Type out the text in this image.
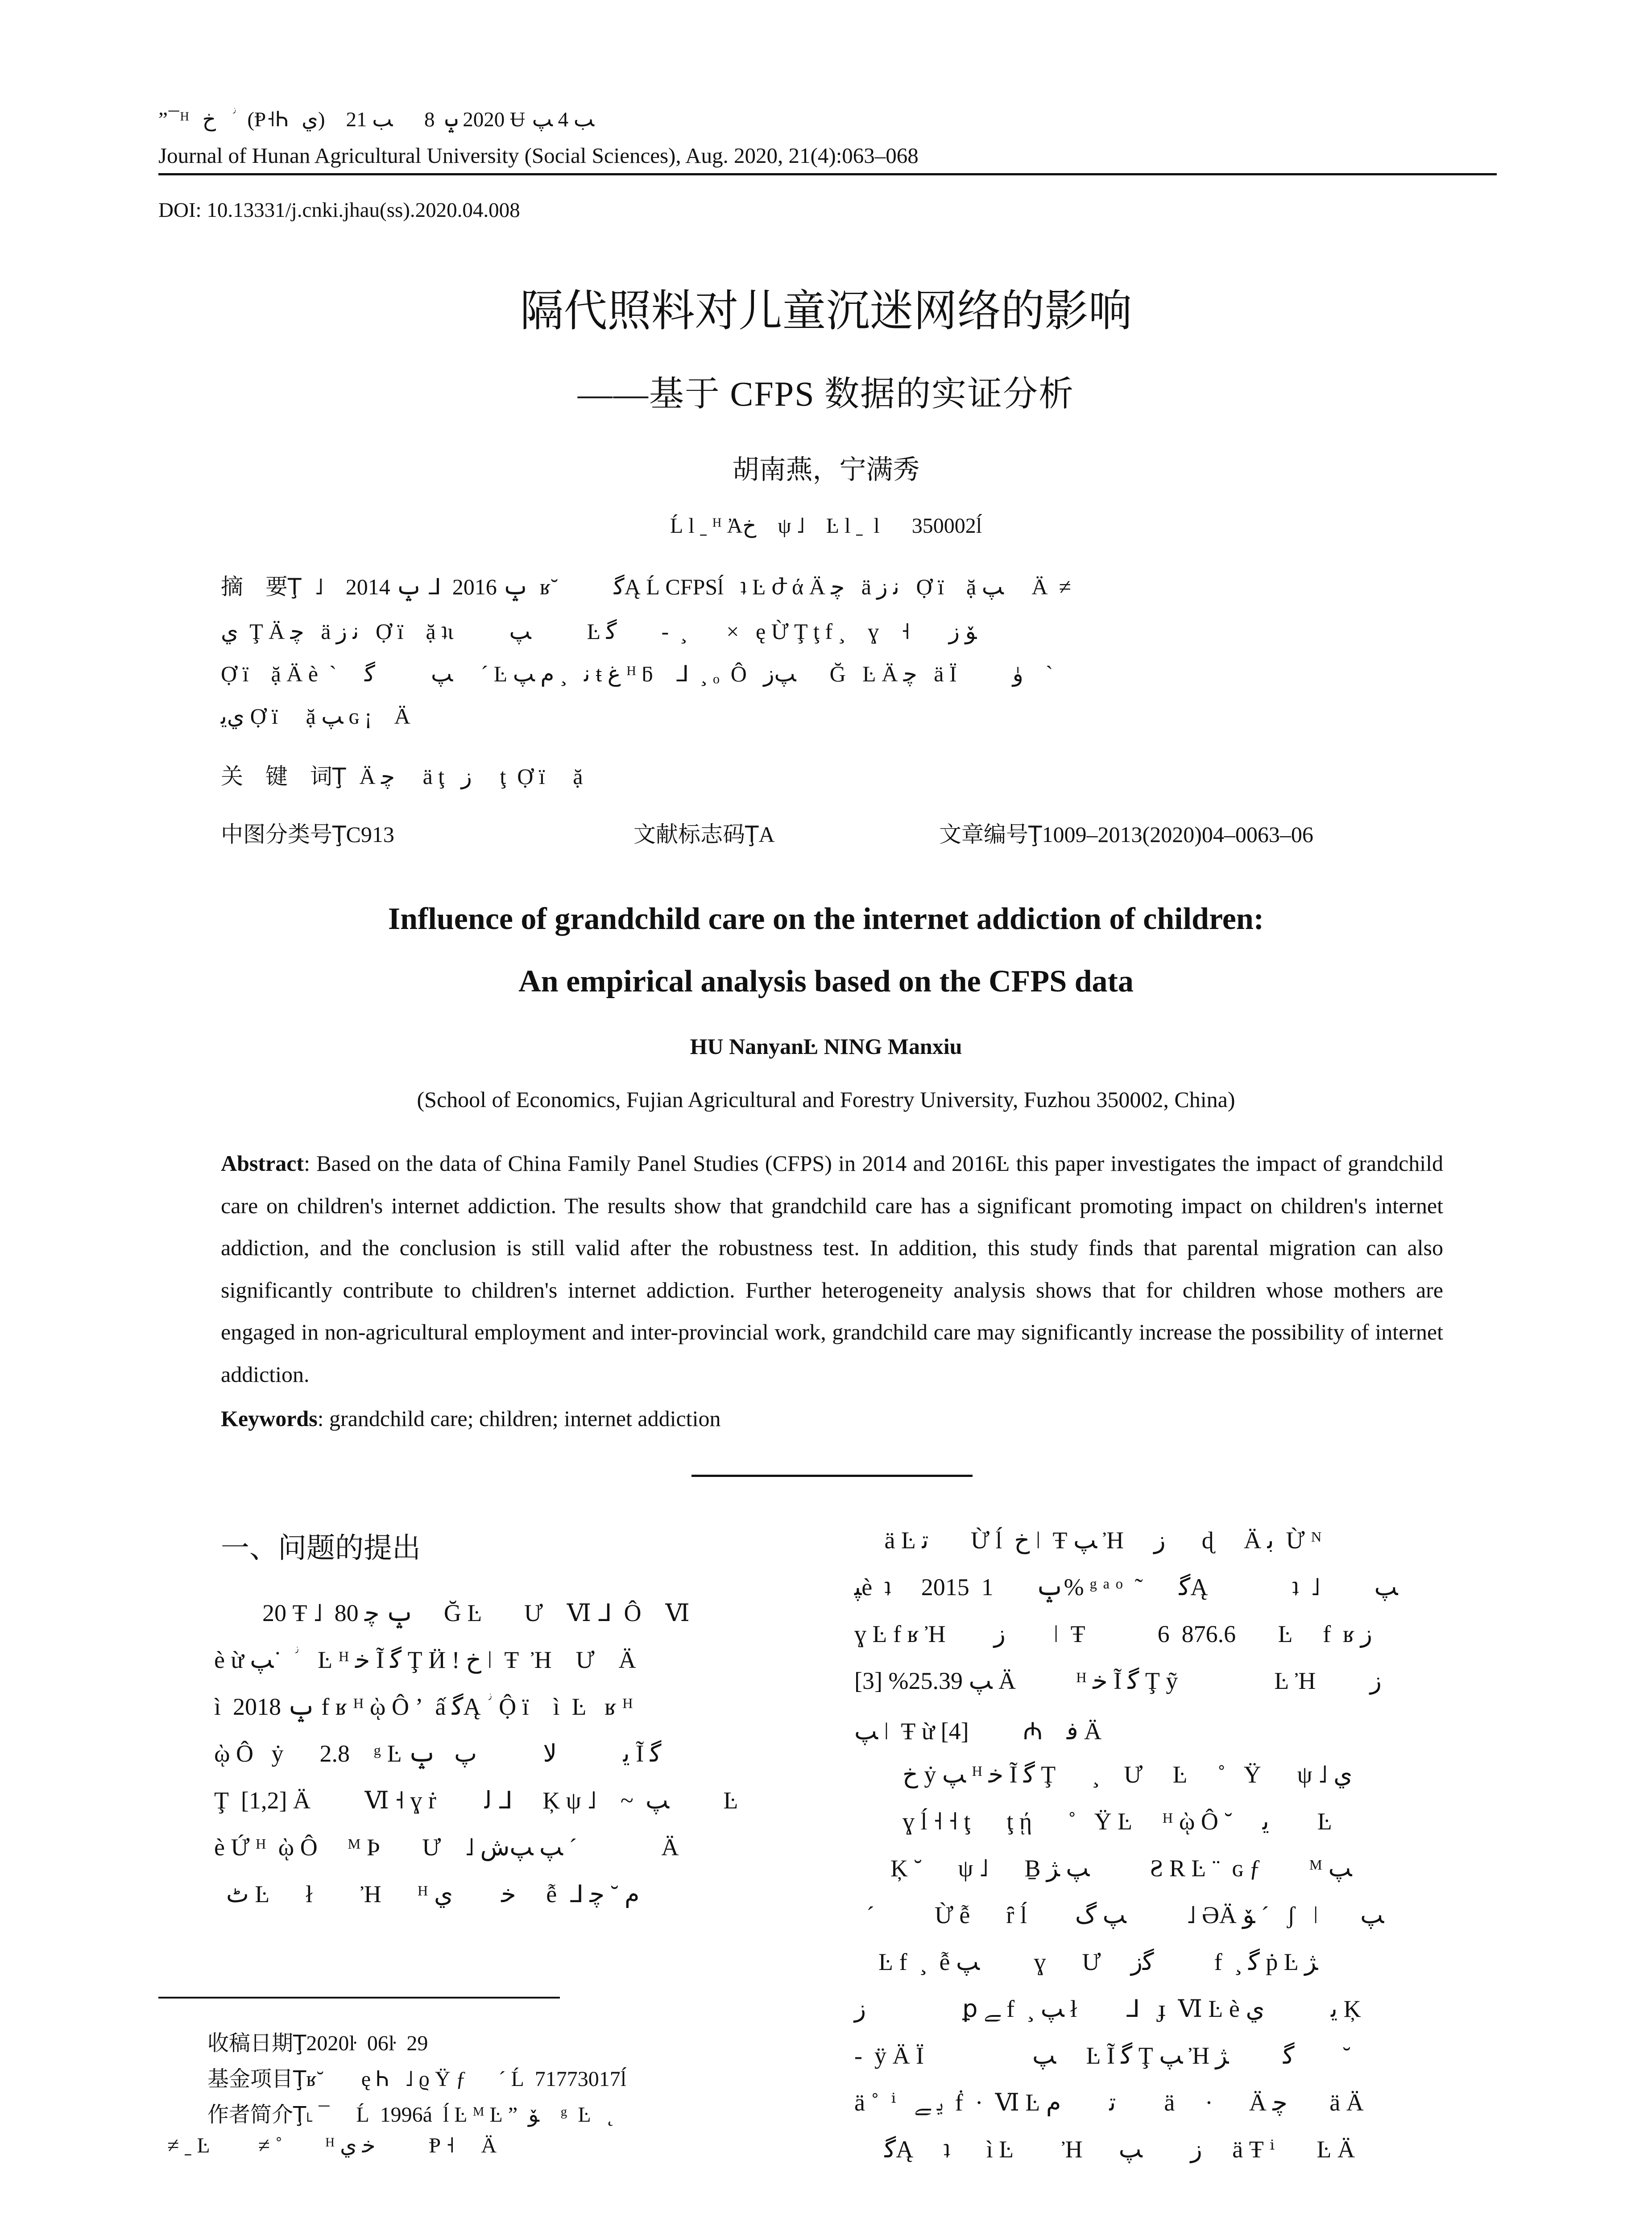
”¯ᴴ  ﺥ    ؗ  (Ᵽ˧Ꮒ  ي)    2020 ݒ  8      ﺐ 21 Ʉ ﺐ 4 ﭗ
Journal of Hunan Agricultural University (Social Sciences), Aug. 2020, 21(4):063–068
DOI: 10.13331/j.cnki.jhau(ss).2020.04.008
隔代照料对儿童沉迷网络的影响
——基于 CFPS 数据的实证分析
胡南燕，宁满秀
Ĺ l ˍ ᴴ Ἀﺥ    ψ ˩    Ŀ l ˍ  l      350002ĺ
摘　要Ţ ˩    2014 ݒ ᒧ  2016 ݒ  ʁ˘          ﮔĄ Ĺ CFPSĺ   ʇ Ŀ ժ ά Ä ﭼ   ä ﻧ ﺯ   Ợ ï    ặ ﭗ     Ä  ≠
ي  Ţ Ä ﭼ   ä ﻧ ﺯ   Ợ ï    ặ ʇɩ          ﭗ          Ŀ ﮔ        -  ¸       ×   ę Ừ Ţ ţ f ¸    ɣ    ˧       ﯚ ﺯ
Ợ ï    ặ Ä è  `     ﭗ          ﮔ    ͏ ´ Ŀ ﻧ   ¸ ﻡ ﭗ ŧ ﻍ ᴴ ƃ    ᒧ  ¸ ₒ  Ô   ﭗﺯ      Ğ   Ŀ Ä ﭼ   ä Ï          ﯛ    `
يﻳ Ợ ï     ặ ﭗ ɢ ¡    Ä
关　键　词Ţ Ä ﭼ     ä ţ   ﺯ     ţ  Ợ ï     ặ
中图分类号ŢC913	文献标志码ŢA	文章编号Ţ1009–2013(2020)04–0063–06
Influence of grandchild care on the internet addiction of children:
An empirical analysis based on the CFPS data
HU NanyanĿ NING Manxiu
(School of Economics, Fujian Agricultural and Forestry University, Fuzhou 350002, China)
Abstract: Based on the data of China Family Panel Studies (CFPS) in 2014 and 2016Ŀ this paper investigates the impact of grandchild care on children's internet addiction. The results show that grandchild care has a significant promoting impact on children's internet addiction, and the conclusion is still valid after the robustness test. In addition, this study finds that parental migration can also significantly contribute to children's internet addiction. Further heterogeneity analysis shows that for children whose mothers are engaged in non-agricultural employment and inter-provincial work, grandchild care may significantly increase the possibility of internet addiction.
Keywords: grandchild care; children; internet addiction
一、问题的提出
20 Ŧ ˩  80 ݒ ﭼ     Ğ Ŀ       Ư    Ⅵ ᒧ  Ô    Ⅵ
è ừ ﭗ˙   ؗ   Ŀ ᴴ ﺧ Ĩ ﮔ Ţ Ӥ ǃ ﺥ ǀ  Ŧ  Ἠ    Ư    Ä
ì  2018 ݒ f ʁ ᴴ ῲ Ô ʼ  ấ ﮔĄ ؗ  Ộ ï    ì  Ŀ   ʁ ᴴ
ῲ Ô   ẏ      2.8    ᵍ Ŀ ﻳ           ﻻ           ﭖ   ݒ Ĩ ﮔ
Ţ  [1,2] Ä         Ⅵ ˧ ɣ ṙ        ﻟ ᒧ     Ķ ψ ˩    ~  ﭗ         Ŀ
è Ứ ᴴ  ῲ Ô     ᴹ Þ       Ư    ˩ ﭗ ﭗﺵ ´              Ä
ﭦ Ŀ      ł      ͏  Ἠ      ᴴ ﺧ        ي     ễ ͏ ᒧ ﻡ ˘ ﭼ
ä Ŀ ﺗ       Ừ ĺ  ﺥ ǀ  Ŧ ﭗ Ἠ     ﺯ      ɖ     Ä ﺑ  Ừ ᴺ
ﭙè  ʇ     2015  ݒ       1% ᵍ ᵃ ᵒ  ˜      ﮔĄ        ͏      ʇ  ˩         ﭗ
ɣ Ŀ f ʁ Ἠ        ﺯ        ǀ  Ŧ            6  876.6       Ŀ     f  ʁ ﺯ
ﭗ 25.39% [3] Ä          ᴴ ﺧ Ĩ ﮔ Ţ ỹ                Ŀ Ἠ         ﺯ
ﭗ ǀ  Ŧ ừ ﻓ    ₼         [4] Ä
ﺥ ẏ ﭗ ᴴ ﺧ Ĩ ﮔ Ţ      ¸    Ư     Ŀ     ˚   Ÿ      ψ ˩ ي
ɣ ĺ ˧ ˧ ţ      ţ ῄ      ˚   Ÿ Ŀ     ᴴ ῲ Ô ˘     ﻳ        Ŀ
Ķ ˘      ψ ˩      Ḇ ﭗ ﮋ          Ƨ R Ŀ ¨  ɢ ƒ        ᴹ ﭗ
´          Ừ ễ      ȓ ĺ        ﭗ ﮒ          ˩ ƏÄ ﯚ ´   ʃ   ǀ       ﭗ
Ŀ f  ¸  ễ ﭗ         ɣ      Ư     ﮔﺯ          f  ¸ ﮔ ṗ Ŀ ﮋ
ﺯ                ꝑ ﮯ f  ¸ ﭗ ł        ᒧ   ɟ  Ⅵ Ŀ è ﯾ           ي Ķ
-  ÿ Ä Ï                  ﭗ     Ŀ Ĩ ﮔ Ţ ﭗ Ἠ ﮔ         ﮋ        ˘
ä ˚  ⁱ   ﻳ ﮯ  ḟ  ·  Ⅵ Ŀ ﺗ        ﻡ        ä     ·      Ä ﭼ       ä Ä
ﮔĄ     ʇ      ì Ŀ        Ἠ      ﺯ        ﭗ     ä Ŧ ⁱ       Ŀ Ä
收稿日期Ţ2020ŀ  06ŀ  29
基金项目Ţʁ˘       ę Ꮒ   ˩ ϱ Ÿ ƒ      ˊ Ĺ  71773017ĺ
作者简介Ţ˪ ¯     Ĺ  1996á  ĺ Ŀ ᴹ Ŀ ” ͏ ﯚ    ᵍ  Ŀ   ˛
≠ ˍ Ŀ         ≠ ˚        ᴴ ﺧ ي          Ᵽ ˧ ͏    Ä
